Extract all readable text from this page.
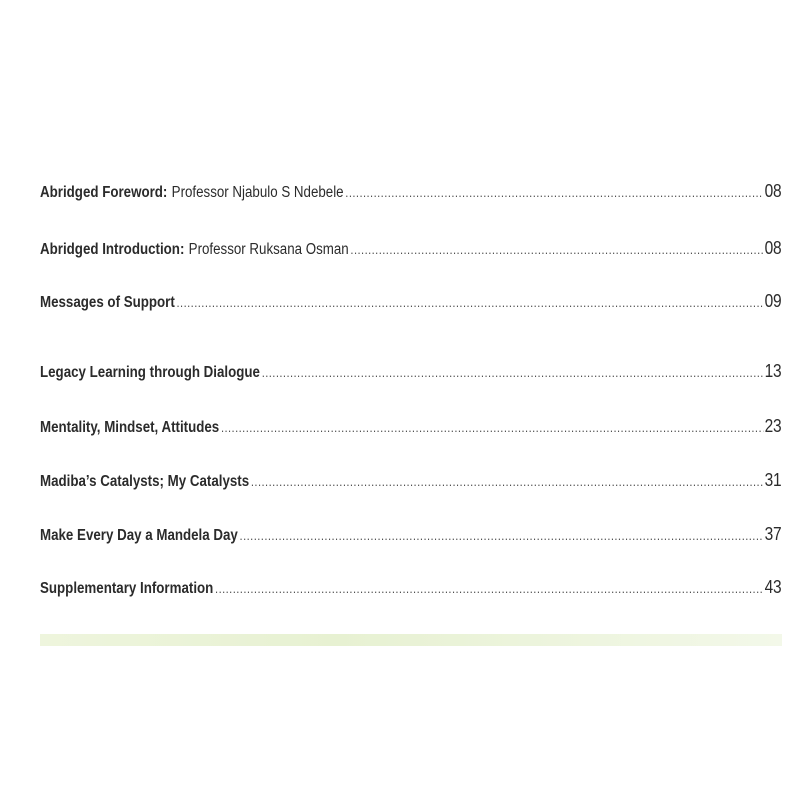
Abridged Foreword: Professor Njabulo S Ndebele .....	08
Abridged Introduction: Professor Ruksana Osman .....	08
Messages of Support .....	09
Legacy Learning through Dialogue .....	13
Mentality, Mindset, Attitudes .....	23
Madiba’s Catalysts; My Catalysts .....	31
Make Every Day a Mandela Day .....	37
Supplementary Information .....	43
